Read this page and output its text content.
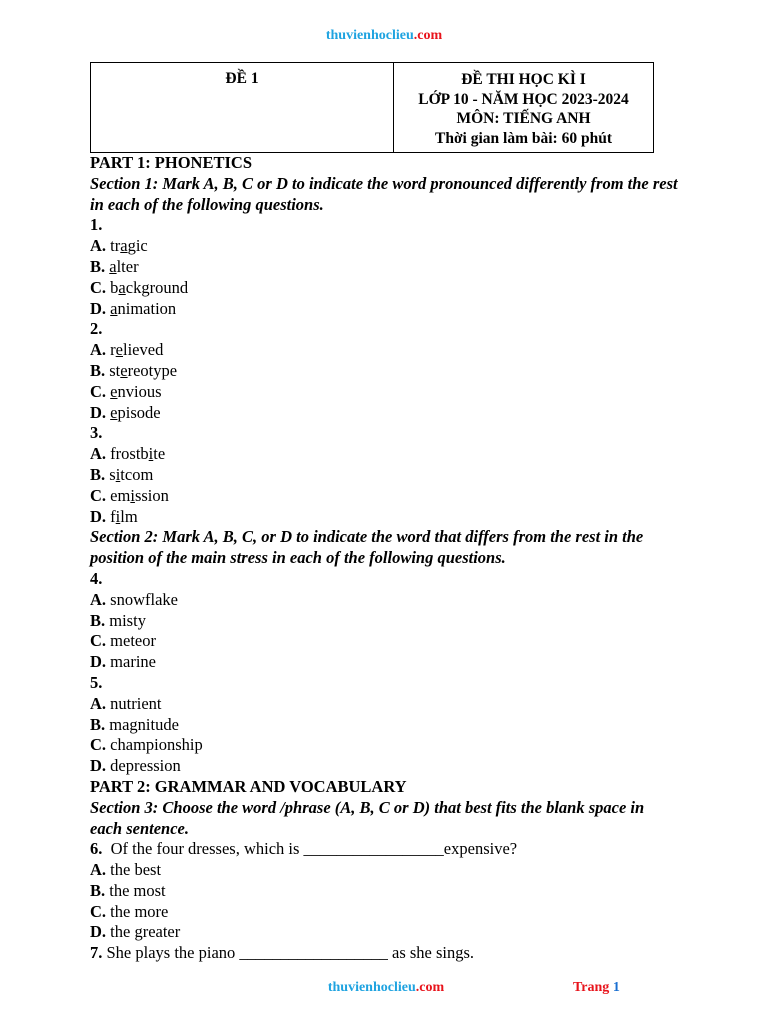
thuvienhoclieu.com
ĐỀ 1	ĐỀ THI HỌC KÌ I
LỚP 10 - NĂM HỌC 2023-2024
MÔN: TIẾNG ANH
Thời gian làm bài: 60 phút
PART 1: PHONETICS
Section 1: Mark A, B, C or D to indicate the word pronounced differently from the rest in each of the following questions.
1.
A. tragic
B. alter
C. background
D. animation
2.
A. relieved
B. stereotype
C. envious
D. episode
3.
A. frostbite
B. sitcom
C. emission
D. film
Section 2: Mark A, B, C, or D to indicate the word that differs from the rest in the position of the main stress in each of the following questions.
4.
A. snowflake
B. misty
C. meteor
D. marine
5.
A. nutrient
B. magnitude
C. championship
D. depression
PART 2: GRAMMAR AND VOCABULARY
Section 3: Choose the word /phrase (A, B, C or D) that best fits the blank space in each sentence.
6.  Of the four dresses, which is _________________expensive?
A. the best
B. the most
C. the more
D. the greater
7. She plays the piano __________________ as she sings.
thuvienhoclieu.com	Trang 1
